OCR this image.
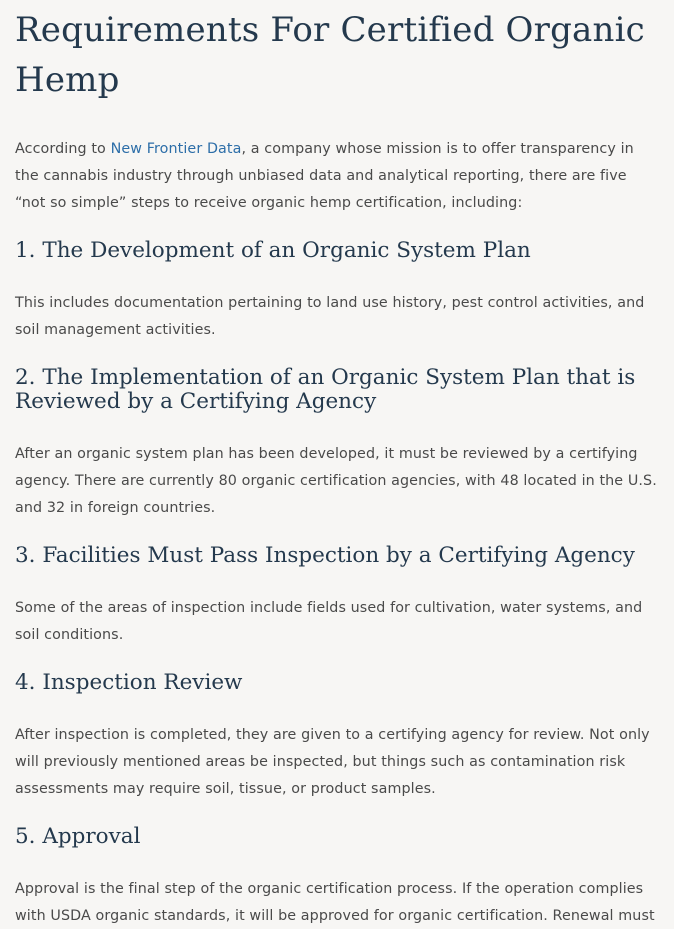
Requirements For Certified Organic Hemp

According to New Frontier Data, a company whose mission is to offer transparency in the cannabis industry through unbiased data and analytical reporting, there are five “not so simple” steps to receive organic hemp certification, including:

1. The Development of an Organic System Plan

This includes documentation pertaining to land use history, pest control activities, and soil management activities.

2. The Implementation of an Organic System Plan that is Reviewed by a Certifying Agency

After an organic system plan has been developed, it must be reviewed by a certifying agency. There are currently 80 organic certification agencies, with 48 located in the U.S. and 32 in foreign countries.

3. Facilities Must Pass Inspection by a Certifying Agency

Some of the areas of inspection include fields used for cultivation, water systems, and soil conditions.

4. Inspection Review

After inspection is completed, they are given to a certifying agency for review. Not only will previously mentioned areas be inspected, but things such as contamination risk assessments may require soil, tissue, or product samples.

5. Approval

Approval is the final step of the organic certification process. If the operation complies with USDA organic standards, it will be approved for organic certification. Renewal must
